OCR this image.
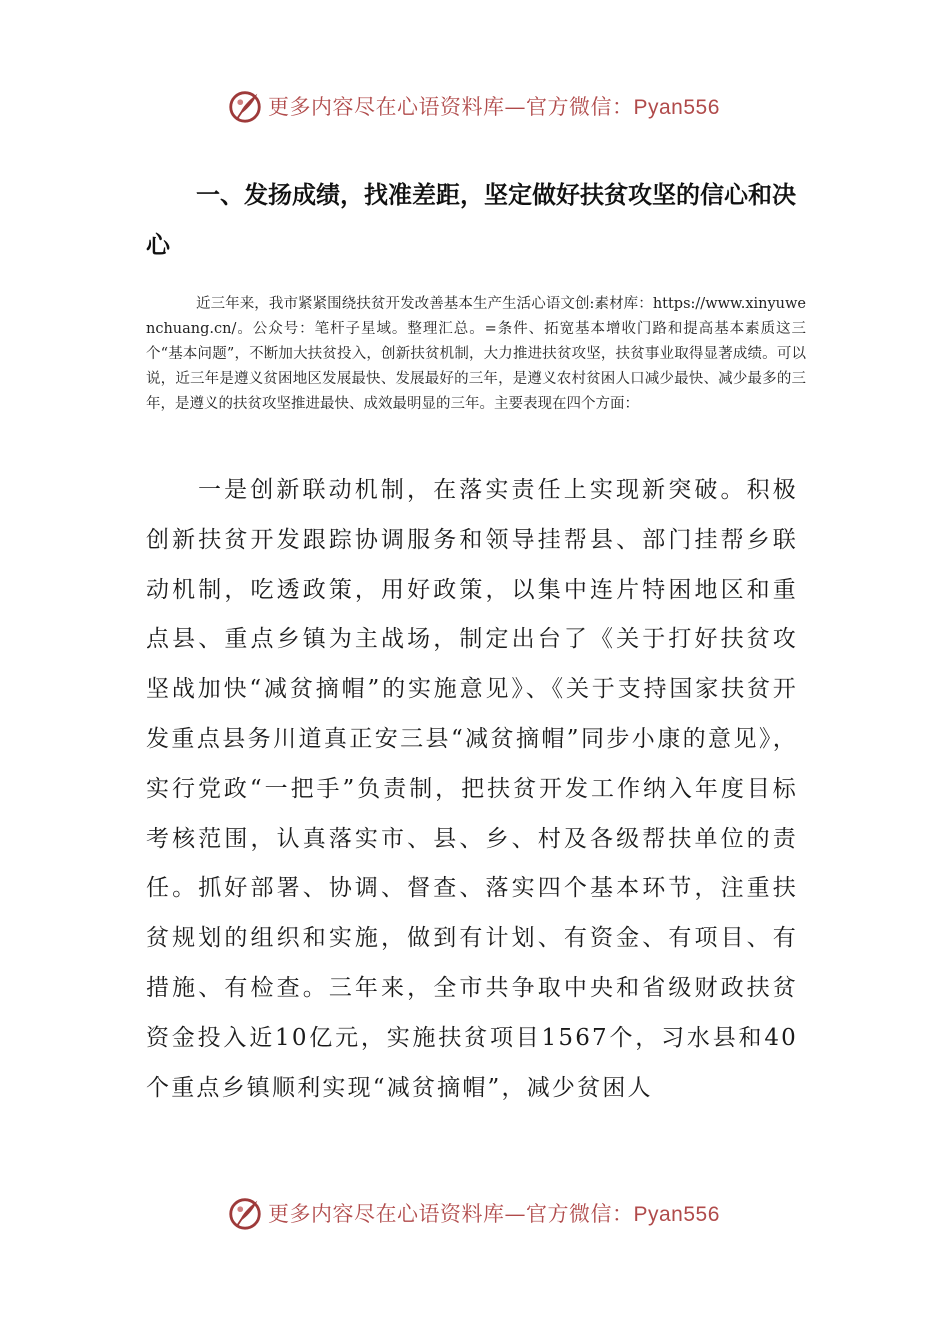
更多内容尽在心语资料库—官方微信：Pyan556
一、发扬成绩，找准差距，坚定做好扶贫攻坚的信心和决心
近三年来，我市紧紧围绕扶贫开发改善基本生产生活心语文创:素材库：https://www.xinyuwenchuang.cn/。公众号：笔杆子星域。整理汇总。=条件、拓宽基本增收门路和提高基本素质这三个“基本问题”，不断加大扶贫投入，创新扶贫机制，大力推进扶贫攻坚，扶贫事业取得显著成绩。可以说，近三年是遵义贫困地区发展最快、发展最好的三年，是遵义农村贫困人口减少最快、减少最多的三年，是遵义的扶贫攻坚推进最快、成效最明显的三年。主要表现在四个方面：
一是创新联动机制，在落实责任上实现新突破。积极创新扶贫开发跟踪协调服务和领导挂帮县、部门挂帮乡联动机制，吃透政策，用好政策，以集中连片特困地区和重点县、重点乡镇为主战场，制定出台了《关于打好扶贫攻坚战加快“减贫摘帽”的实施意见》、《关于支持国家扶贫开发重点县务川道真正安三县“减贫摘帽”同步小康的意见》，实行党政“一把手”负责制，把扶贫开发工作纳入年度目标考核范围，认真落实市、县、乡、村及各级帮扶单位的责任。抓好部署、协调、督查、落实四个基本环节，注重扶贫规划的组织和实施，做到有计划、有资金、有项目、有措施、有检查。三年来，全市共争取中央和省级财政扶贫资金投入近10亿元，实施扶贫项目1567个，习水县和40个重点乡镇顺利实现“减贫摘帽”，减少贫困人
更多内容尽在心语资料库—官方微信：Pyan556
